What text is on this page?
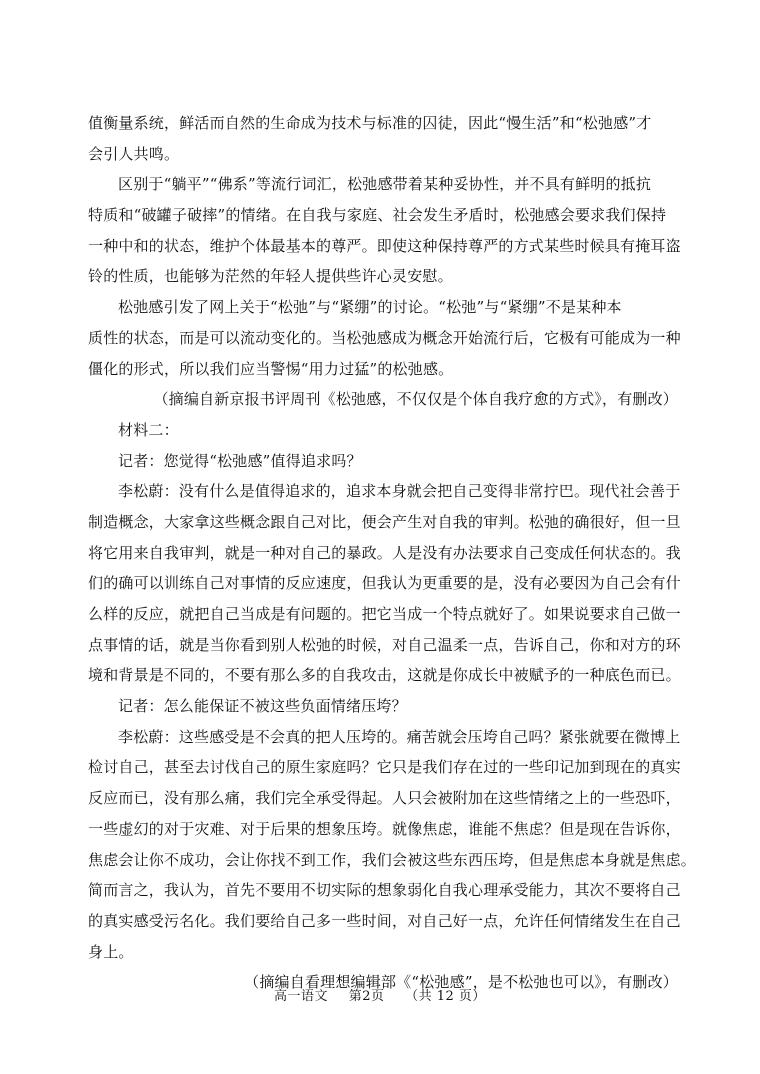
值衡量系统，鲜活而自然的生命成为技术与标准的囚徒，因此“慢生活”和“松弛感”才
会引人共鸣。
区别于“躺平”“佛系”等流行词汇，松弛感带着某种妥协性，并不具有鲜明的抵抗
特质和“破罐子破摔”的情绪。在自我与家庭、社会发生矛盾时，松弛感会要求我们保持
一种中和的状态，维护个体最基本的尊严。即使这种保持尊严的方式某些时候具有掩耳盗
铃的性质，也能够为茫然的年轻人提供些许心灵安慰。
松弛感引发了网上关于“松弛”与“紧绷”的讨论。“松弛”与“紧绷”不是某种本
质性的状态，而是可以流动变化的。当松弛感成为概念开始流行后，它极有可能成为一种
僵化的形式，所以我们应当警惕“用力过猛”的松弛感。
（摘编自新京报书评周刊《松弛感，不仅仅是个体自我疗愈的方式》，有删改）
材料二：
记者：您觉得“松弛感”值得追求吗？
李松蔚：没有什么是值得追求的，追求本身就会把自己变得非常拧巴。现代社会善于
制造概念，大家拿这些概念跟自己对比，便会产生对自我的审判。松弛的确很好，但一旦
将它用来自我审判，就是一种对自己的暴政。人是没有办法要求自己变成任何状态的。我
们的确可以训练自己对事情的反应速度，但我认为更重要的是，没有必要因为自己会有什
么样的反应，就把自己当成是有问题的。把它当成一个特点就好了。如果说要求自己做一
点事情的话，就是当你看到别人松弛的时候，对自己温柔一点，告诉自己，你和对方的环
境和背景是不同的，不要有那么多的自我攻击，这就是你成长中被赋予的一种底色而已。
记者：怎么能保证不被这些负面情绪压垮？
李松蔚：这些感受是不会真的把人压垮的。痛苦就会压垮自己吗？紧张就要在微博上
检讨自己，甚至去讨伐自己的原生家庭吗？它只是我们存在过的一些印记加到现在的真实
反应而已，没有那么痛，我们完全承受得起。人只会被附加在这些情绪之上的一些恐吓，
一些虚幻的对于灾难、对于后果的想象压垮。就像焦虑，谁能不焦虑？但是现在告诉你，
焦虑会让你不成功，会让你找不到工作，我们会被这些东西压垮，但是焦虑本身就是焦虑。
简而言之，我认为，首先不要用不切实际的想象弱化自我心理承受能力，其次不要将自己
的真实感受污名化。我们要给自己多一些时间，对自己好一点，允许任何情绪发生在自己
身上。
（摘编自看理想编辑部《“松弛感”，是不松弛也可以》，有删改）
高一语文 第2页 （共 12 页）
